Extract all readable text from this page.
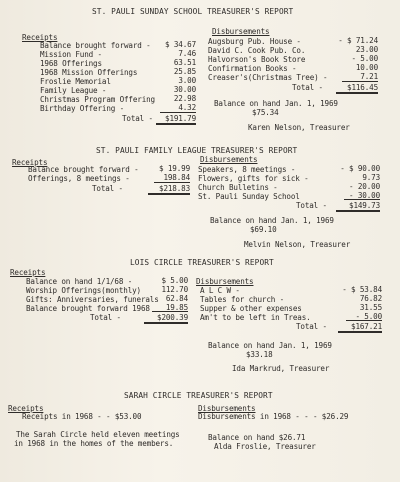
ST. PAULI SUNDAY SCHOOL TREASURER'S REPORT
Receipts
Disbursements
Balance brought forward -	$ 34.67
Mission Fund -	7.46
1968 Offerings	63.51
1968 Mission Offerings	25.85
Froslie Memorial	3.00
Family League -	30.00
Christmas Program Offering	22.98
Birthday Offering -	4.32
Total -	$191.79
Augsburg Pub. House -	- $ 71.24
David C. Cook Pub. Co.	23.00
Halvorson's Book Store	- 5.00
Confirmation Books -	10.00
Creaser's(Christmas Tree) -	7.21
Total -	$116.45
Balance on hand Jan. 1, 1969
$75.34
Karen Nelson, Treasurer
ST. PAULI FAMILY LEAGUE TREASURER'S REPORT
Receipts	Disbursements
Balance brought forward -	$ 19.99
Offerings, 8 meetings -	198.84
Total -	$218.83
Speakers, 8 meetings -	- $ 90.00
Flowers, gifts for sick -	9.73
Church Bulletins -	- 20.00
St. Pauli Sunday School	- 30.00
Total -	$149.73
Balance on hand Jan. 1, 1969
$69.10
Melvin Nelson, Treasurer
LOIS CIRCLE TREASURER'S REPORT
Receipts
Disbursements
Balance on hand 1/1/68 -	$ 5.00
Worship Offerings(monthly)	112.70
Gifts: Anniversaries, funerals 62.84
Balance brought forward 1968	19.85
Total -	$200.39
A L C W -	- $ 53.84
Tables for church -	76.82
Supper & other expenses	31.55
Am't to be left in Treas.	- 5.00
Total -	$167.21
Balance on hand Jan. 1, 1969
$33.18
Ida Markrud, Treasurer
SARAH CIRCLE TREASURER'S REPORT
Receipts	Disbursements
Receipts in 1968 - - $53.00	Disbursements in 1968 - - - $26.29
The Sarah Circle held eleven meetings
in 1968 in the homes of the members.
Balance on hand $26.71
Alda Froslie, Treasurer
